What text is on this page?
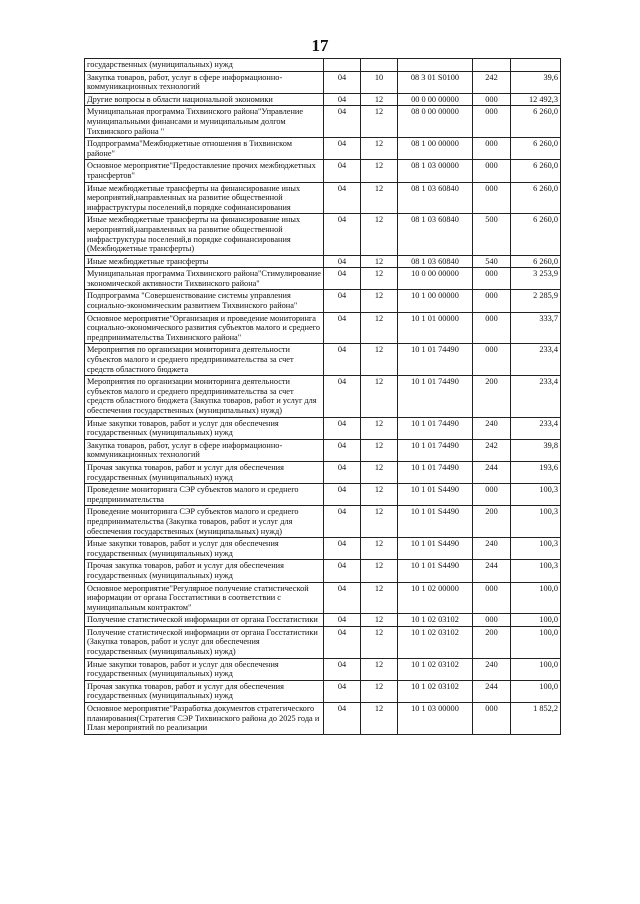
17
государственных (муниципальных) нужд					
Закупка товаров, работ, услуг в сфере информационно-коммуникационных технологий	04	10	08 3 01 S0100	242	39,6
Другие вопросы в области национальной экономики	04	12	00 0 00 00000	000	12 492,3
Муниципальная программа Тихвинского района"Управление муниципальными финансами и муниципальным долгом Тихвинского района "	04	12	08 0 00 00000	000	6 260,0
Подпрограмма"Межбюджетные отношения в Тихвинском районе"	04	12	08 1 00 00000	000	6 260,0
Основное мероприятие"Предоставление прочих межбюджетных трансфертов"	04	12	08 1 03 00000	000	6 260,0
Иные межбюджетные трансферты на финансирование иных мероприятий,направленных на развитие общественной инфраструктуры поселений,в порядке софинансирования	04	12	08 1 03 60840	000	6 260,0
Иные межбюджетные трансферты на финансирование иных мероприятий,направленных на развитие общественной инфраструктуры поселений,в порядке софинансирования (Межбюджетные трансферты)	04	12	08 1 03 60840	500	6 260,0
Иные межбюджетные трансферты	04	12	08 1 03 60840	540	6 260,0
Муниципальная программа Тихвинского района"Стимулирование экономической активности Тихвинского района"	04	12	10 0 00 00000	000	3 253,9
Подпрограмма "Совершенствование системы управления социально-экономическим развитием Тихвинского района"	04	12	10 1 00 00000	000	2 285,9
Основное мероприятие"Организация и проведение мониторинга социально-экономического развития субъектов малого и среднего предпринимательства Тихвинского района"	04	12	10 1 01 00000	000	333,7
Мероприятия по организации мониторинга деятельности субъектов малого и среднего предпринимательства за счет средств областного бюджета	04	12	10 1 01 74490	000	233,4
Мероприятия по организации мониторинга деятельности субъектов малого и среднего предпринимательства за счет средств областного бюджета (Закупка товаров, работ и услуг для обеспечения государственных (муниципальных) нужд)	04	12	10 1 01 74490	200	233,4
Иные закупки товаров, работ и услуг для обеспечения государственных (муниципальных) нужд	04	12	10 1 01 74490	240	233,4
Закупка товаров, работ, услуг в сфере информационно-коммуникационных технологий	04	12	10 1 01 74490	242	39,8
Прочая закупка товаров, работ и услуг для обеспечения государственных (муниципальных) нужд	04	12	10 1 01 74490	244	193,6
Проведение мониторинга СЭР субъектов малого и среднего предпринимательства	04	12	10 1 01 S4490	000	100,3
Проведение мониторинга СЭР субъектов малого и среднего предпринимательства (Закупка товаров, работ и услуг для обеспечения государственных (муниципальных) нужд)	04	12	10 1 01 S4490	200	100,3
Иные закупки товаров, работ и услуг для обеспечения государственных (муниципальных) нужд	04	12	10 1 01 S4490	240	100,3
Прочая закупка товаров, работ и услуг для обеспечения государственных (муниципальных) нужд	04	12	10 1 01 S4490	244	100,3
Основное мероприятие"Регулярное получение статистической информации от органа Госстатистики в соответствии с муниципальным контрактом"	04	12	10 1 02 00000	000	100,0
Получение статистической информации от органа Госстатистики	04	12	10 1 02 03102	000	100,0
Получение статистической информации от органа Госстатистики (Закупка товаров, работ и услуг для обеспечения государственных (муниципальных) нужд)	04	12	10 1 02 03102	200	100,0
Иные закупки товаров, работ и услуг для обеспечения государственных (муниципальных) нужд	04	12	10 1 02 03102	240	100,0
Прочая закупка товаров, работ и услуг для обеспечения государственных (муниципальных) нужд	04	12	10 1 02 03102	244	100,0
Основное мероприятие"Разработка документов стратегического планирования(Стратегия СЭР Тихвинского района до 2025 года и План мероприятий по реализации	04	12	10 1 03 00000	000	1 852,2
